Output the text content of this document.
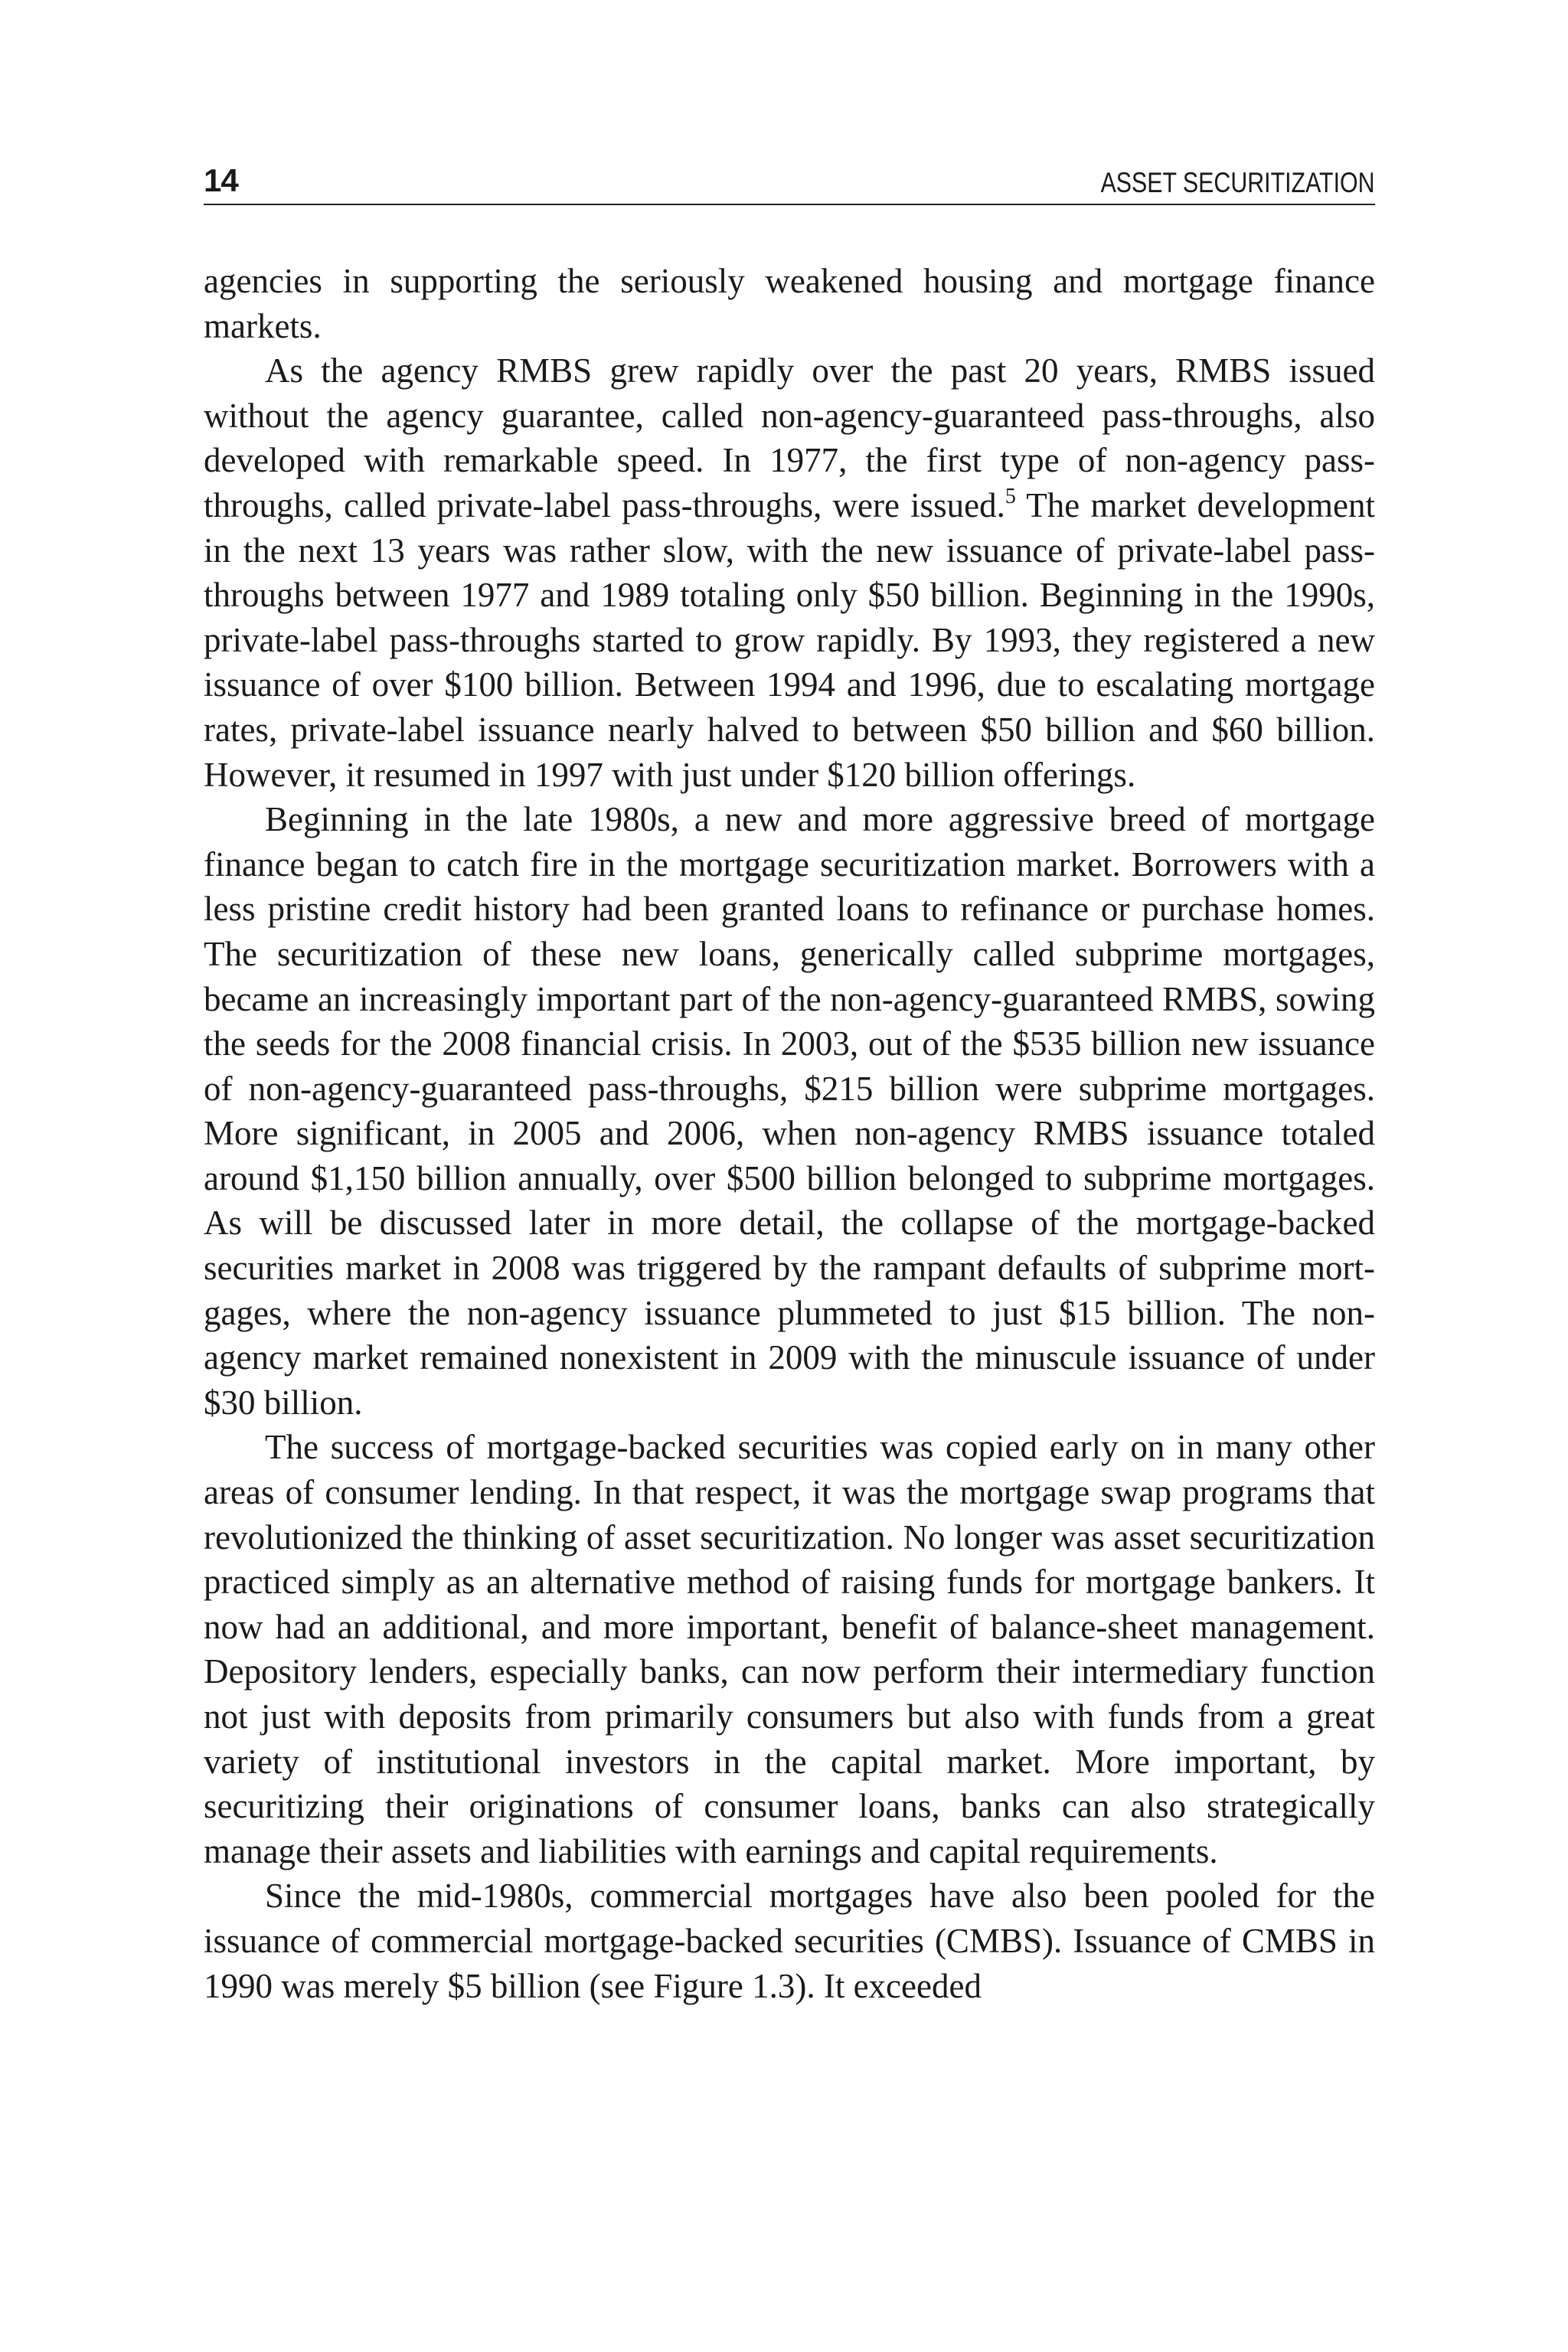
14	ASSET SECURITIZATION

agencies in supporting the seriously weakened housing and mortgage finance markets.

As the agency RMBS grew rapidly over the past 20 years, RMBS issued without the agency guarantee, called non-agency-guaranteed pass-throughs, also developed with remarkable speed. In 1977, the first type of non-agency pass-throughs, called private-label pass-throughs, were issued.$^5$ The market development in the next 13 years was rather slow, with the new issuance of private-label pass-throughs between 1977 and 1989 totaling only $50 billion. Beginning in the 1990s, private-label pass-throughs started to grow rapidly. By 1993, they registered a new issuance of over $100 billion. Between 1994 and 1996, due to escalating mortgage rates, private-label issuance nearly halved to between $50 billion and $60 billion. However, it resumed in 1997 with just under $120 billion offerings.

Beginning in the late 1980s, a new and more aggressive breed of mortgage finance began to catch fire in the mortgage securitization market. Borrowers with a less pristine credit history had been granted loans to refinance or purchase homes. The securitization of these new loans, generically called subprime mortgages, became an increasingly important part of the non-agency-guaranteed RMBS, sowing the seeds for the 2008 financial crisis. In 2003, out of the $535 billion new issuance of non-agency-guaranteed pass-throughs, $215 billion were subprime mortgages. More significant, in 2005 and 2006, when non-agency RMBS issuance totaled around $1,150 billion annually, over $500 billion belonged to subprime mortgages. As will be discussed later in more detail, the collapse of the mortgage-backed securities market in 2008 was triggered by the rampant defaults of subprime mortgages, where the non-agency issuance plummeted to just $15 billion. The non-agency market remained nonexistent in 2009 with the minuscule issuance of under $30 billion.

The success of mortgage-backed securities was copied early on in many other areas of consumer lending. In that respect, it was the mortgage swap programs that revolutionized the thinking of asset securitization. No longer was asset securitization practiced simply as an alternative method of raising funds for mortgage bankers. It now had an additional, and more important, benefit of balance-sheet management. Depository lenders, especially banks, can now perform their intermediary function not just with deposits from primarily consumers but also with funds from a great variety of institutional investors in the capital market. More important, by securitizing their originations of consumer loans, banks can also strategically manage their assets and liabilities with earnings and capital requirements.

Since the mid-1980s, commercial mortgages have also been pooled for the issuance of commercial mortgage-backed securities (CMBS). Issuance of CMBS in 1990 was merely $5 billion (see Figure 1.3). It exceeded
